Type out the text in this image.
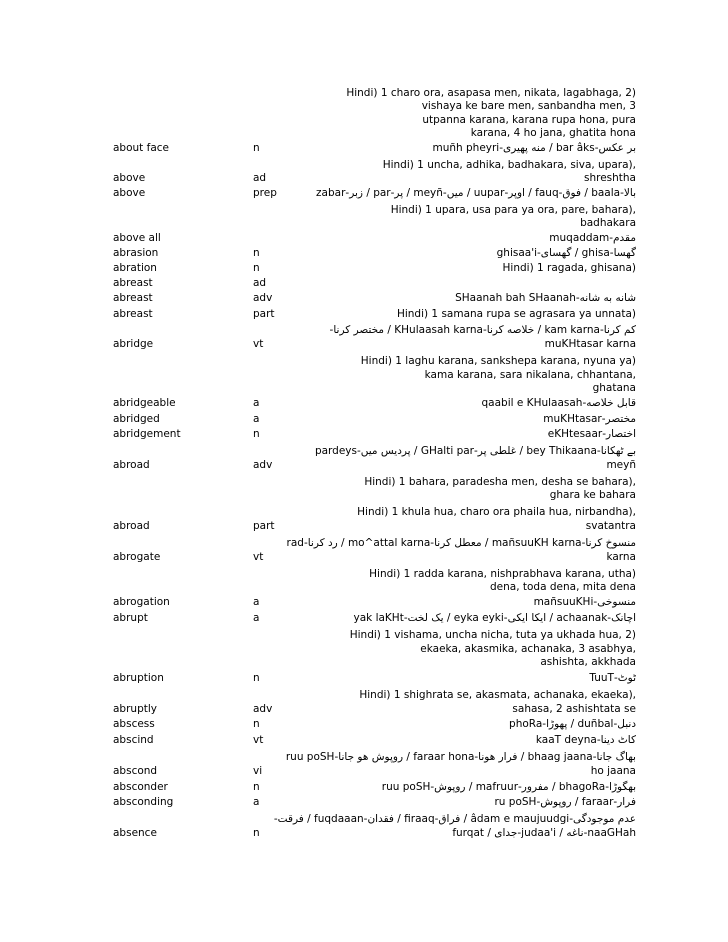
Hindi) 1 charo ora, asapasa men, nikata, lagabhaga, 2)
vishaya ke bare men, sanbandha men, 3
utpanna karana, karana rupa hona, pura
karana, 4 ho jana, ghatita hona
about face	n	بر عکس-bar âks / منه پهیری-muñh pheyri
Hindi) 1 uncha, adhika, badhakara, siva, upara),
above	ad	shreshtha
above	prep	بالا-baala / فوق-fauq / اوپر-uupar / میں-meyñ / پر-par / زبر-zabar
Hindi) 1 upara, usa para ya ora, pare, bahara),
badhakara
above all	مقدم-muqaddam
abrasion	n	گهسا-ghisa / گهسای-ghisaa'i
abration	n	Hindi) 1 ragada, ghisana)
abreast	ad
abreast	adv	شانه به شانه-SHaanah bah SHaanah
abreast	part	Hindi) 1 samana rupa se agrasara ya unnata)
کم کرنا-kam karna / خلاصه کرنا-KHulaasah karna / مختصر کرنا-
abridge	vt	muKHtasar karna
Hindi) 1 laghu karana, sankshepa karana, nyuna ya)
kama karana, sara nikalana, chhantana,
ghatana
abridgeable	a	قابل خلاصه-qaabil e KHulaasah
abridged	a	مختصر-muKHtasar
abridgement	n	اختصار-eKHtesaar
بے ٹهکانا-bey Thikaana / غلطی پر-GHalti par / پردیس میں-pardeys
abroad	adv	meyñ
Hindi) 1 bahara, paradesha men, desha se bahara),
ghara ke bahara
Hindi) 1 khula hua, charo ora phaila hua, nirbandha),
abroad	part	svatantra
منسوخ کرنا-mañsuuKH karna / معطل کرنا-mo^attal karna / رد کرنا-rad
abrogate	vt	karna
Hindi) 1 radda karana, nishprabhava karana, utha)
dena, toda dena, mita dena
abrogation	a	منسوخی-mañsuuKHi
abrupt	a	اچانک-achaanak / ایکا ایکی-eyka eyki / یک لخت-yak laKHt
Hindi) 1 vishama, uncha nicha, tuta ya ukhada hua, 2)
ekaeka, akasmika, achanaka, 3 asabhya,
ashishta, akkhada
abruption	n	ٹوٹ-TuuT
Hindi) 1 shighrata se, akasmata, achanaka, ekaeka),
abruptly	adv	sahasa, 2 ashishtata se
abscess	n	دنبل-duñbal / پهوڑا-phoRa
abscind	vt	کاٹ دینا-kaaT deyna
بهاگ جانا-bhaag jaana / فرار هونا-faraar hona / روپوش هو جانا-ruu poSH
abscond	vi	ho jaana
absconder	n	بهگوڑا-bhagoRa / مفرور-mafruur / روپوش-ruu poSH
absconding	a	فرار-faraar / روپوش-ru poSH
عدم موجودگی-âdam e maujuudgi / فراق-firaaq / فقدان-fuqdaaan / فرقت-
absence	n	furqat / جدای-judaa'i / ناغه-naaGHah
